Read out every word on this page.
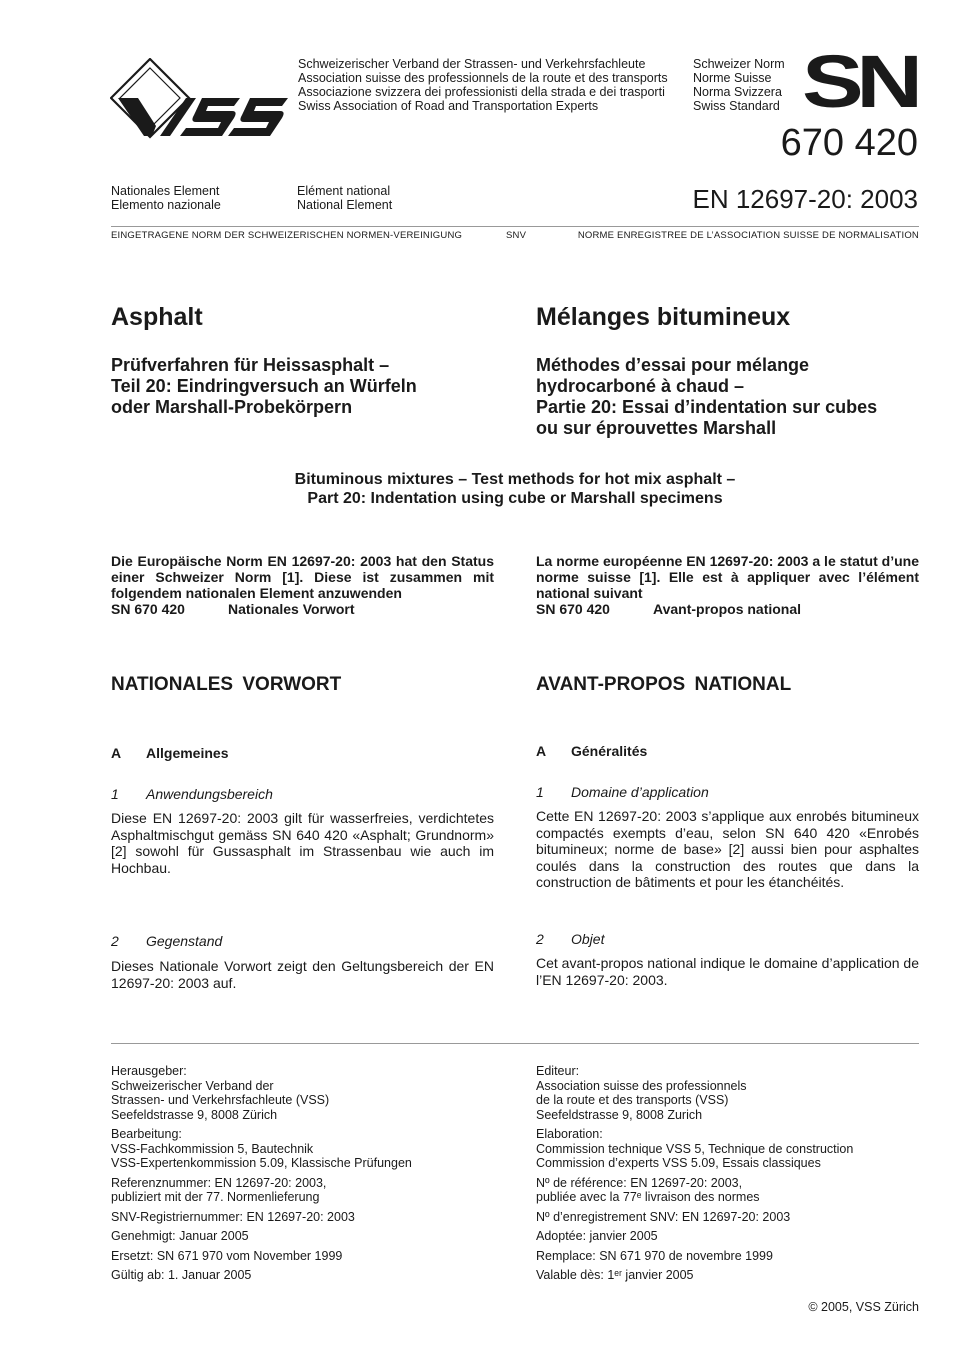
Schweizerischer Verband der Strassen- und Verkehrsfachleute
Association suisse des professionnels de la route et des transports
Associazione svizzera dei professionisti della strada e dei trasporti
Swiss Association of Road and Transportation Experts
Schweizer Norm
Norme Suisse
Norma Svizzera
Swiss Standard SN
670 420
Nationales Element
Elemento nazionale
Elément national
National Element	EN 12697-20: 2003
EINGETRAGENE NORM DER SCHWEIZERISCHEN NORMEN-VEREINIGUNG	SNV	NORME ENREGISTREE DE L’ASSOCIATION SUISSE DE NORMALISATION
Asphalt	Mélanges bitumineux
Prüfverfahren für Heissasphalt –
Teil 20: Eindringversuch an Würfeln
oder Marshall-Probekörpern
Méthodes d’essai pour mélange
hydrocarboné à chaud –
Partie 20: Essai d’indentation sur cubes
ou sur éprouvettes Marshall
Bituminous mixtures – Test methods for hot mix asphalt –
Part 20: Indentation using cube or Marshall specimens
Die Europäische Norm EN 12697-20: 2003 hat den Status einer Schweizer Norm [1]. Diese ist zusammen mit folgendem nationalen Element anzuwenden
SN 670 420	Nationales Vorwort
La norme européenne EN 12697-20: 2003 a le statut d’une norme suisse [1]. Elle est à appliquer avec l’élément national suivant
SN 670 420	Avant-propos national
NATIONALES VORWORT	AVANT-PROPOS NATIONAL
A Allgemeines
1 Anwendungsbereich
Diese EN 12697-20: 2003 gilt für wasserfreies, verdichtetes Asphaltmischgut gemäss SN 640 420 «Asphalt; Grundnorm» [2] sowohl für Gussasphalt im Strassenbau wie auch im Hochbau.
2 Gegenstand
Dieses Nationale Vorwort zeigt den Geltungsbereich der EN 12697-20: 2003 auf.
A Généralités
1 Domaine d’application
Cette EN 12697-20: 2003 s’applique aux enrobés bitumineux compactés exempts d’eau, selon SN 640 420 «Enrobés bitumineux; norme de base» [2] aussi bien pour asphaltes coulés dans la construction des routes que dans la construction de bâtiments et pour les étanchéités.
2 Objet
Cet avant-propos national indique le domaine d’application de l’EN 12697-20: 2003.
Herausgeber:
Schweizerischer Verband der
Strassen- und Verkehrsfachleute (VSS)
Seefeldstrasse 9, 8008 Zürich
Bearbeitung:
VSS-Fachkommission 5, Bautechnik
VSS-Expertenkommission 5.09, Klassische Prüfungen
Referenznummer: EN 12697-20: 2003,
publiziert mit der 77. Normenlieferung
SNV-Registriernummer: EN 12697-20: 2003
Genehmigt: Januar 2005
Ersetzt: SN 671 970 vom November 1999
Gültig ab: 1. Januar 2005
Editeur:
Association suisse des professionnels
de la route et des transports (VSS)
Seefeldstrasse 9, 8008 Zurich
Elaboration:
Commission technique VSS 5, Technique de construction
Commission d’experts VSS 5.09, Essais classiques
Nº de référence: EN 12697-20: 2003,
publiée avec la 77ᵉ livraison des normes
Nº d’enregistrement SNV: EN 12697-20: 2003
Adoptée: janvier 2005
Remplace: SN 671 970 de novembre 1999
Valable dès: 1ᵉʳ janvier 2005
© 2005, VSS Zürich
